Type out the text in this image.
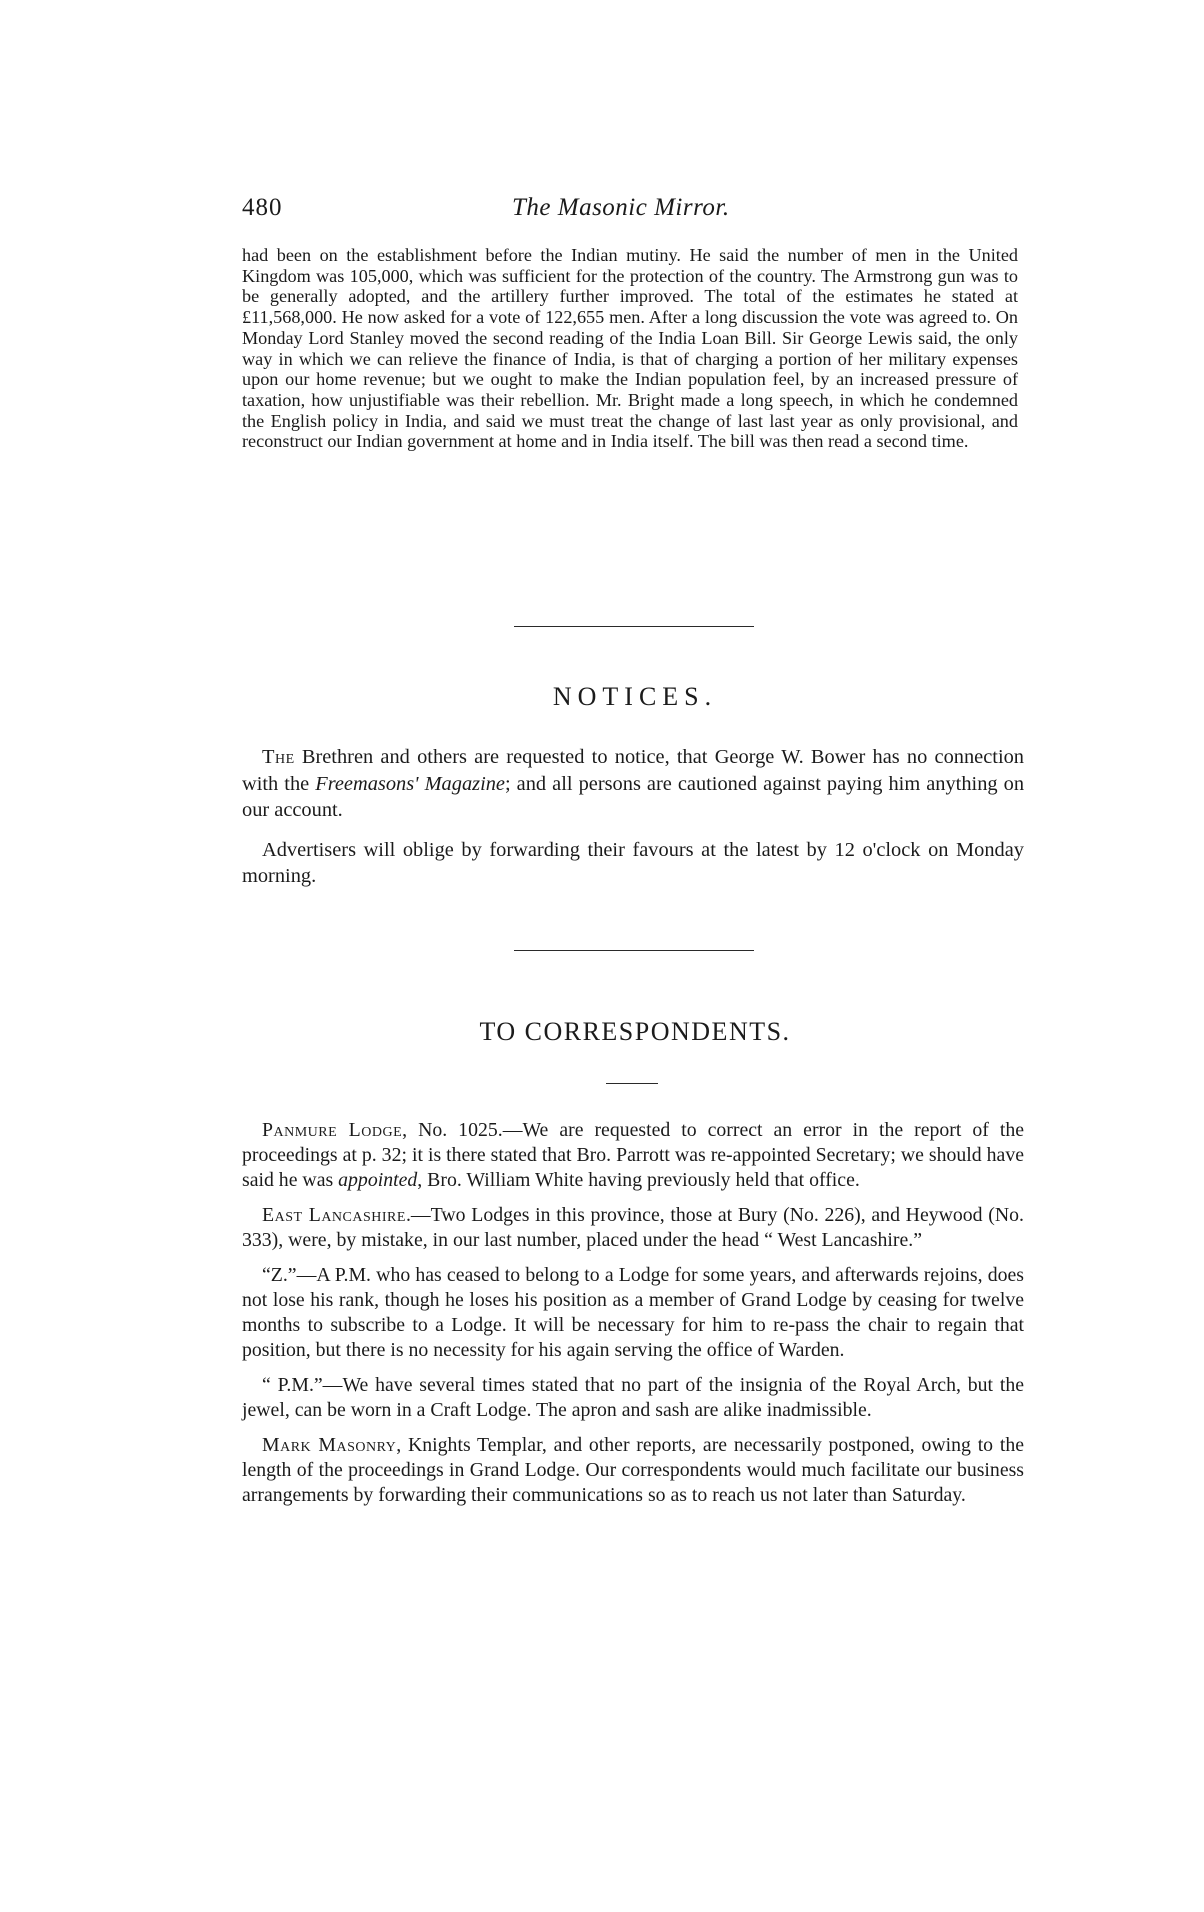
480	The Masonic Mirror.

had been on the establishment before the Indian mutiny. He said the number of men in the United Kingdom was 105,000, which was sufficient for the protection of the country. The Armstrong gun was to be generally adopted, and the artillery further improved. The total of the estimates he stated at £11,568,000. He now asked for a vote of 122,655 men. After a long discussion the vote was agreed to. On Monday Lord Stanley moved the second reading of the India Loan Bill. Sir George Lewis said, the only way in which we can relieve the finance of India, is that of charging a portion of her military expenses upon our home revenue; but we ought to make the Indian population feel, by an increased pressure of taxation, how unjustifiable was their rebellion. Mr. Bright made a long speech, in which he condemned the English policy in India, and said we must treat the change of last last year as only provisional, and reconstruct our Indian government at home and in India itself. The bill was then read a second time.

NOTICES.

The Brethren and others are requested to notice, that George W. Bower has no connection with the Freemasons' Magazine; and all persons are cautioned against paying him anything on our account.

Advertisers will oblige by forwarding their favours at the latest by 12 o'clock on Monday morning.

TO CORRESPONDENTS.

Panmure Lodge, No. 1025.—We are requested to correct an error in the report of the proceedings at p. 32; it is there stated that Bro. Parrott was re-appointed Secretary; we should have said he was appointed, Bro. William White having previously held that office.

East Lancashire.—Two Lodges in this province, those at Bury (No. 226), and Heywood (No. 333), were, by mistake, in our last number, placed under the head “ West Lancashire.”

“Z.”—A P.M. who has ceased to belong to a Lodge for some years, and afterwards rejoins, does not lose his rank, though he loses his position as a member of Grand Lodge by ceasing for twelve months to subscribe to a Lodge. It will be necessary for him to re-pass the chair to regain that position, but there is no necessity for his again serving the office of Warden.

“ P.M.”—We have several times stated that no part of the insignia of the Royal Arch, but the jewel, can be worn in a Craft Lodge. The apron and sash are alike inadmissible.

Mark Masonry, Knights Templar, and other reports, are necessarily postponed, owing to the length of the proceedings in Grand Lodge. Our correspondents would much facilitate our business arrangements by forwarding their communications so as to reach us not later than Saturday.
